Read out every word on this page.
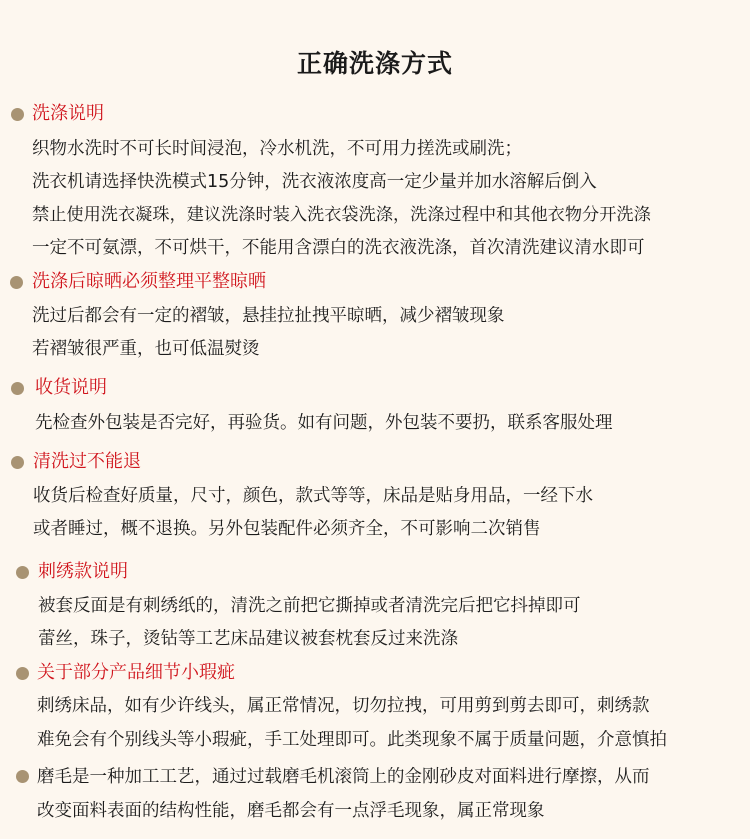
正确洗涤方式
洗涤说明
织物水洗时不可长时间浸泡，冷水机洗，不可用力搓洗或刷洗；
洗衣机请选择快洗模式15分钟，洗衣液浓度高一定少量并加水溶解后倒入
禁止使用洗衣凝珠，建议洗涤时装入洗衣袋洗涤，洗涤过程中和其他衣物分开洗涤
一定不可氨漂，不可烘干，不能用含漂白的洗衣液洗涤，首次清洗建议清水即可
洗涤后晾晒必须整理平整晾晒
洗过后都会有一定的褶皱，悬挂拉扯拽平晾晒，减少褶皱现象
若褶皱很严重，也可低温熨烫
收货说明
先检查外包装是否完好，再验货。如有问题，外包装不要扔，联系客服处理
清洗过不能退
收货后检查好质量，尺寸，颜色，款式等等，床品是贴身用品，一经下水
或者睡过，概不退换。另外包装配件必须齐全，不可影响二次销售
刺绣款说明
被套反面是有刺绣纸的，清洗之前把它撕掉或者清洗完后把它抖掉即可
蕾丝，珠子，烫钻等工艺床品建议被套枕套反过来洗涤
关于部分产品细节小瑕疵
刺绣床品，如有少许线头，属正常情况，切勿拉拽，可用剪到剪去即可，刺绣款
难免会有个别线头等小瑕疵，手工处理即可。此类现象不属于质量问题，介意慎拍
磨毛是一种加工工艺，通过过载磨毛机滚筒上的金刚砂皮对面料进行摩擦，从而
改变面料表面的结构性能，磨毛都会有一点浮毛现象，属正常现象
